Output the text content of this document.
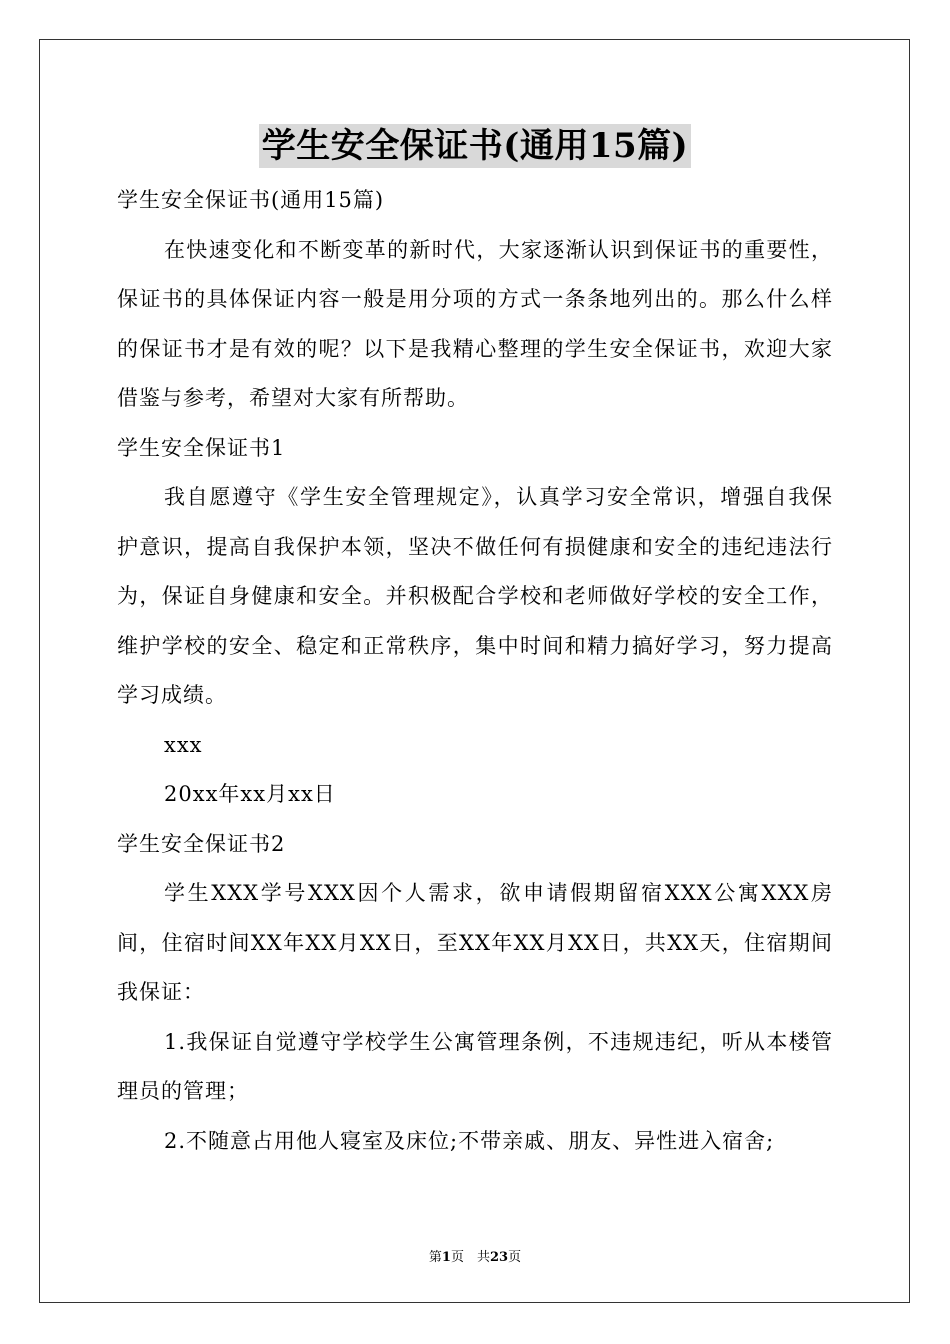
学生安全保证书(通用15篇)

学生安全保证书(通用15篇)

在快速变化和不断变革的新时代，大家逐渐认识到保证书的重要性，保证书的具体保证内容一般是用分项的方式一条条地列出的。那么什么样的保证书才是有效的呢？以下是我精心整理的学生安全保证书，欢迎大家借鉴与参考，希望对大家有所帮助。

学生安全保证书1

我自愿遵守《学生安全管理规定》，认真学习安全常识，增强自我保护意识，提高自我保护本领，坚决不做任何有损健康和安全的违纪违法行为，保证自身健康和安全。并积极配合学校和老师做好学校的安全工作，维护学校的安全、稳定和正常秩序，集中时间和精力搞好学习，努力提高学习成绩。

xxx

20xx年xx月xx日

学生安全保证书2

学生XXX学号XXX因个人需求，欲申请假期留宿XXX公寓XXX房间，住宿时间XX年XX月XX日，至XX年XX月XX日，共XX天，住宿期间我保证：

1.我保证自觉遵守学校学生公寓管理条例，不违规违纪，听从本楼管理员的管理；

2.不随意占用他人寝室及床位;不带亲戚、朋友、异性进入宿舍;

第1页　共23页
